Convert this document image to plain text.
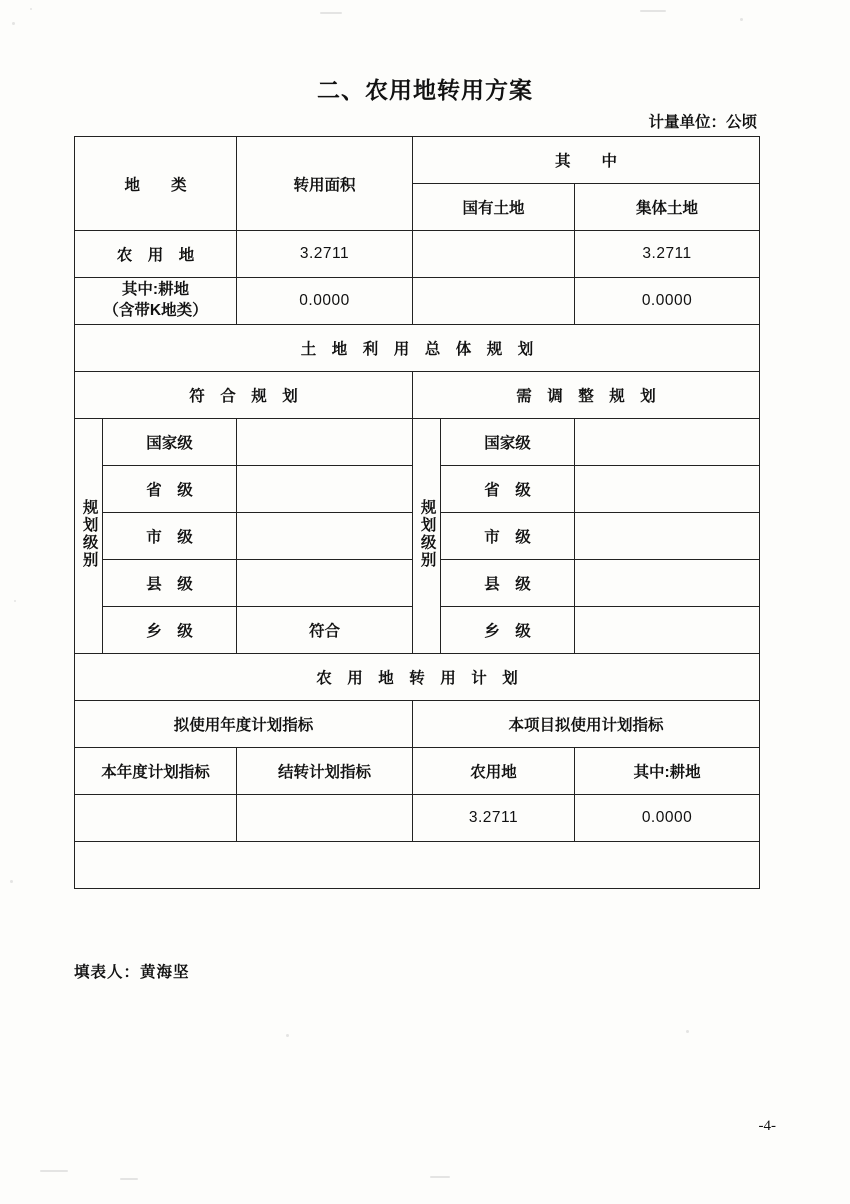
二、农用地转用方案
计量单位：公顷
地　　类		转用面积	其　　中		
			国有土地		集体土地
农　用　地		3.2711			3.2711

其中:耕地
（含带K地类）		0.0000			0.0000
土　地　利　用　总　体　规　划					
符　合　规　划			需　调　整　规　划		
规划级别	国家级		规划级别	国家级	
	省　级			省　级	
	市　级			市　级	
	县　级			县　级	
	乡　级	符合		乡　级	
农　用　地　转　用　计　划					
拟使用年度计划指标			本项目拟使用计划指标		
本年度计划指标		结转计划指标	农用地		其中:耕地
			3.2711		0.0000

填表人：黄海坚
-4-
